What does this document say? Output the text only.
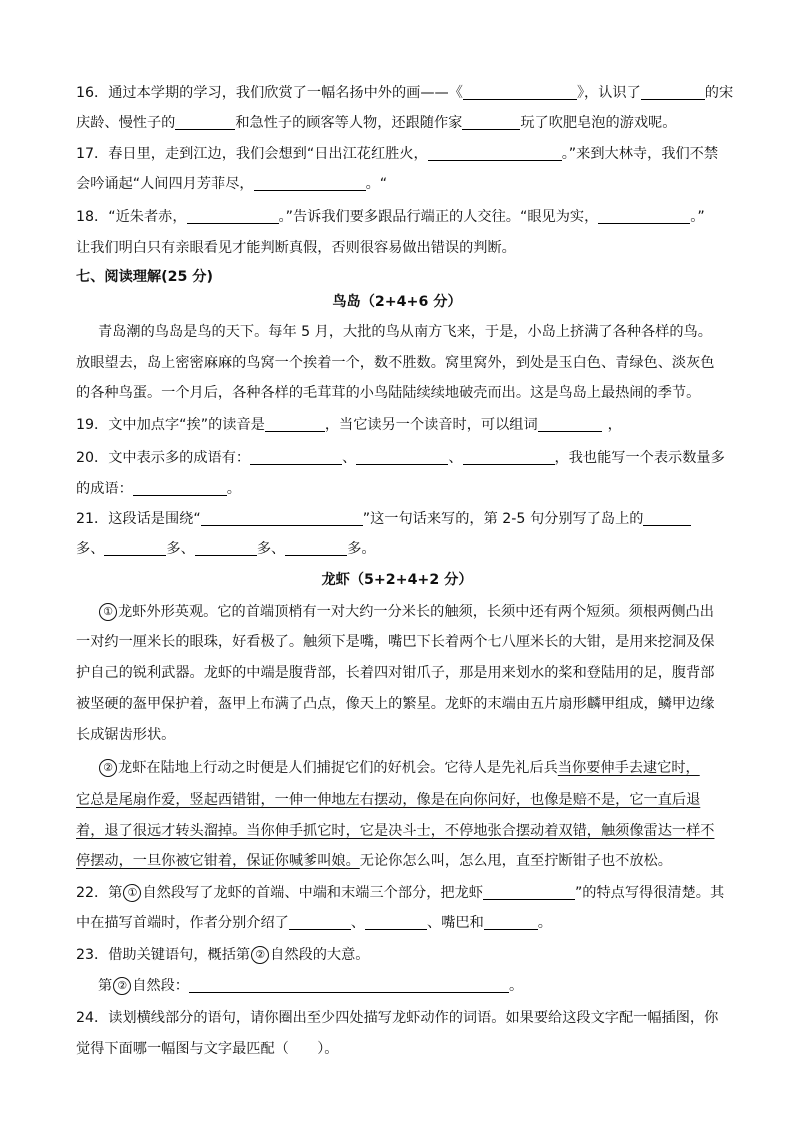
16．通过本学期的学习，我们欣赏了一幅名扬中外的画——《	》，认识了	的宋
庆龄、慢性子的	和急性子的顾客等人物，还跟随作家	玩了吹肥皂泡的游戏呢。
17．春日里，走到江边，我们会想到“日出江花红胜火，	。”来到大林寺，我们不禁
会吟诵起“人间四月芳菲尽，	。“
18．“近朱者赤，	。”告诉我们要多跟品行端正的人交往。“眼见为实，	。”
让我们明白只有亲眼看见才能判断真假，否则很容易做出错误的判断。
七、阅读理解(25 分)
鸟岛（2+4+6 分）
青岛潮的鸟岛是鸟的天下。每年 5 月，大批的鸟从南方飞来，于是，小岛上挤满了各种各样的鸟。
放眼望去，岛上密密麻麻的鸟窝一个挨着一个，数不胜数。窝里窝外，到处是玉白色、青绿色、淡灰色
的各种鸟蛋。一个月后，各种各样的毛茸茸的小鸟陆陆续续地破壳而出。这是鸟岛上最热闹的季节。
19．文中加点字“挨”的读音是	，当它读另一个读音时，可以组词	，
20．文中表示多的成语有：	、	、	，我也能写一个表示数量多
的成语：	。
21．这段话是围绕“	”这一句话来写的，第 2-5 句分别写了岛上的
多、	多、	多、	多。
龙虾（5+2+4+2 分）
① 龙虾外形英观。它的首端顶梢有一对大约一分米长的触须，长须中还有两个短须。须根两侧凸出
一对约一厘米长的眼珠，好看极了。触须下是嘴，嘴巴下长着两个七八厘米长的大钳，是用来挖洞及保
护自己的锐利武器。龙虾的中端是腹背部，长着四对钳爪子，那是用来划水的桨和登陆用的足，腹背部
被坚硬的盔甲保护着，盔甲上布满了凸点，像天上的繁星。龙虾的末端由五片扇形麟甲组成，鳞甲边缘
长成锯齿形状。
② 龙虾在陆地上行动之时便是人们捕捉它们的好机会。它待人是先礼后兵当你要伸手去逮它时，
它总是尾扇作爱，竖起西错钳，一伸一伸地左右摆动，像是在向你问好，也像是赔不是，它一直后退
着，退了很远才转头溜掉。当你伸手抓它时，它是决斗士，不停地张合摆动着双错，触须像雷达一样不
停摆动，一旦你被它钳着，保证你喊爹叫娘。无论你怎么叫，怎么甩，直至拧断钳子也不放松。
22．第 ① 自然段写了龙虾的首端、中端和末端三个部分，把龙虾	”的特点写得很清楚。其
中在描写首端时，作者分别介绍了	、	、嘴巴和	。
23．借助关键语句，概括第 ② 自然段的大意。
第 ② 自然段：	。
24．读划横线部分的语句，请你圈出至少四处描写龙虾动作的词语。如果要给这段文字配一幅插图，你
觉得下面哪一幅图与文字最匹配（　　）。
